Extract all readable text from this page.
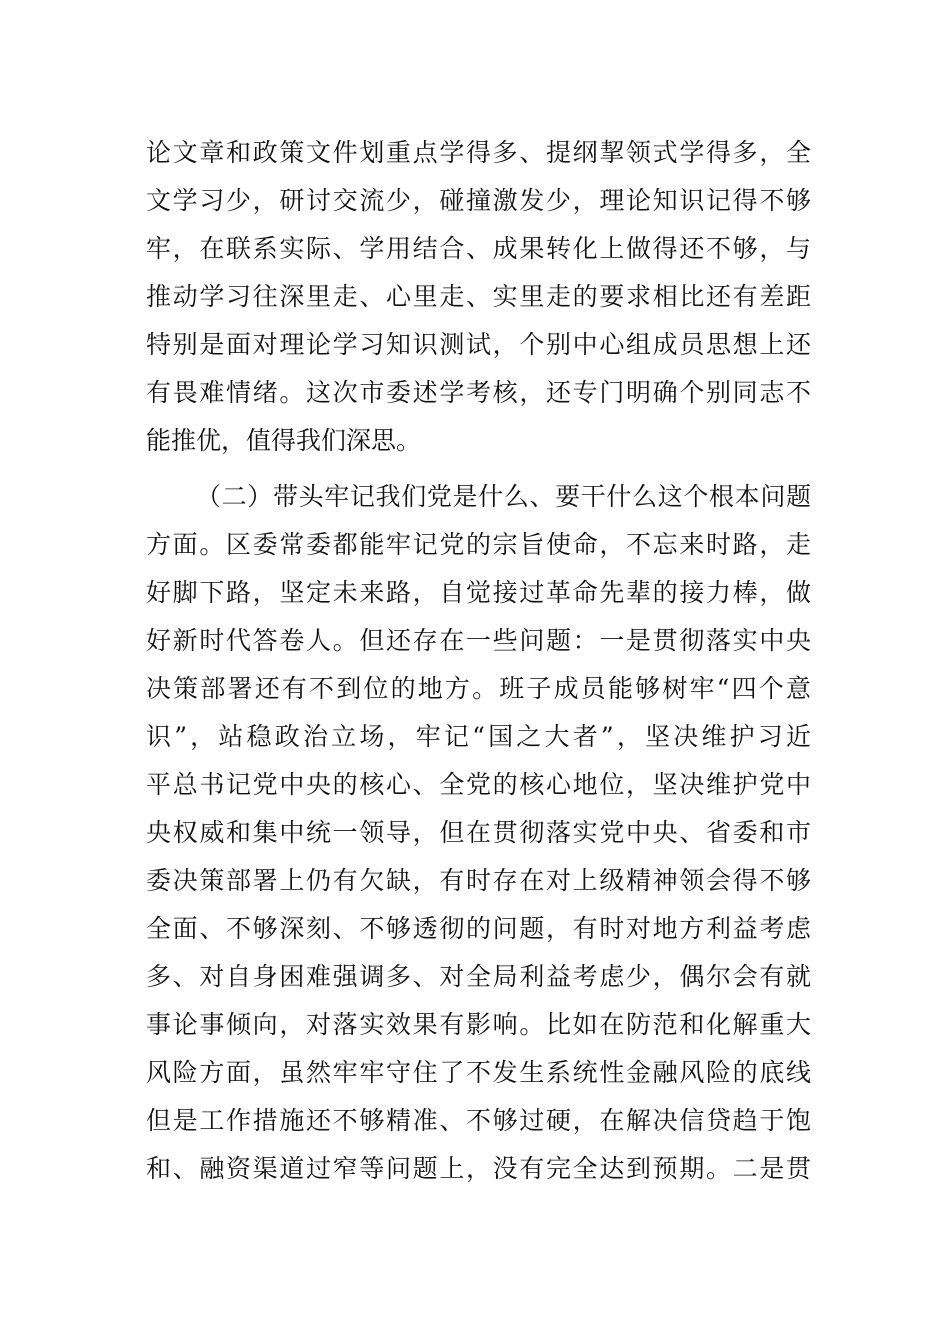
论文章和政策文件划重点学得多、提纲挈领式学得多，全
文学习少，研讨交流少，碰撞激发少，理论知识记得不够
牢，在联系实际、学用结合、成果转化上做得还不够，与
推动学习往深里走、心里走、实里走的要求相比还有差距
特别是面对理论学习知识测试，个别中心组成员思想上还
有畏难情绪。这次市委述学考核，还专门明确个别同志不
能推优，值得我们深思。
（二）带头牢记我们党是什么、要干什么这个根本问题
方面。区委常委都能牢记党的宗旨使命，不忘来时路，走
好脚下路，坚定未来路，自觉接过革命先辈的接力棒，做
好新时代答卷人。但还存在一些问题：一是贯彻落实中央
决策部署还有不到位的地方。班子成员能够树牢“四个意
识”，站稳政治立场，牢记“国之大者”，坚决维护习近
平总书记党中央的核心、全党的核心地位，坚决维护党中
央权威和集中统一领导，但在贯彻落实党中央、省委和市
委决策部署上仍有欠缺，有时存在对上级精神领会得不够
全面、不够深刻、不够透彻的问题，有时对地方利益考虑
多、对自身困难强调多、对全局利益考虑少，偶尔会有就
事论事倾向，对落实效果有影响。比如在防范和化解重大
风险方面，虽然牢牢守住了不发生系统性金融风险的底线
但是工作措施还不够精准、不够过硬，在解决信贷趋于饱
和、融资渠道过窄等问题上，没有完全达到预期。二是贯
